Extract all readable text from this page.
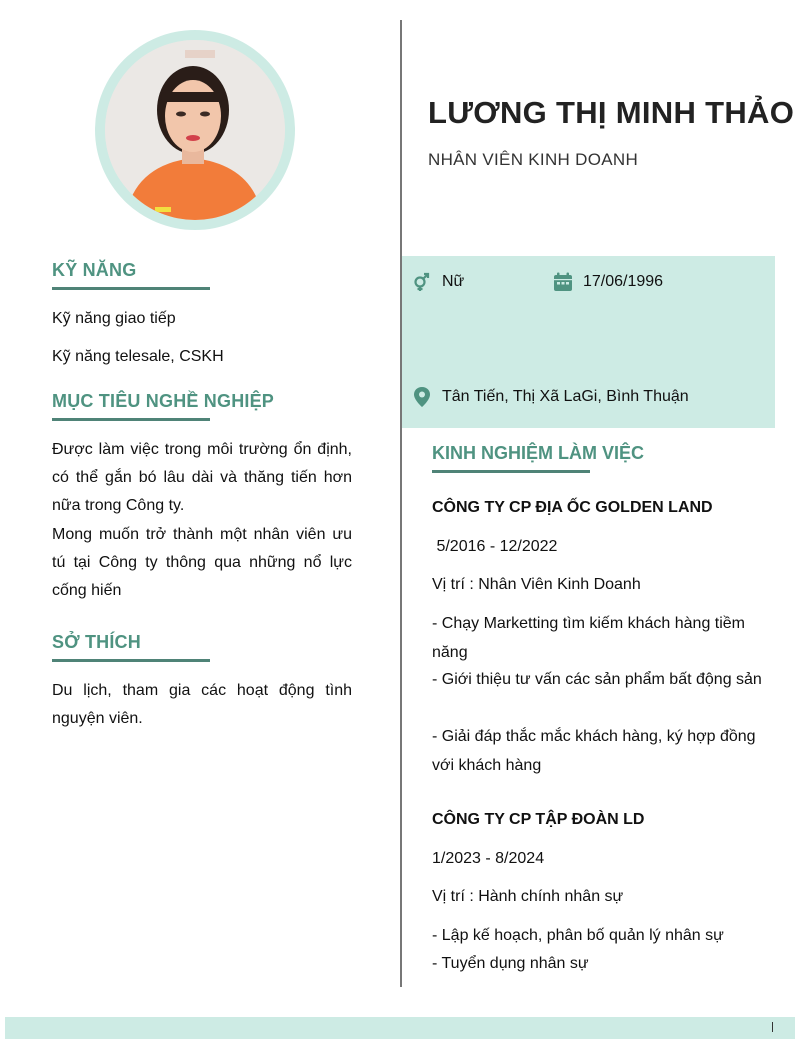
KỸ NĂNG
Kỹ năng giao tiếp
Kỹ năng telesale, CSKH
MỤC TIÊU NGHỀ NGHIỆP
Được làm việc trong môi trường ổn định, có thể gắn bó lâu dài và thăng tiến hơn nữa trong Công ty.
Mong muốn trở thành một nhân viên ưu tú tại Công ty thông qua những nổ lực cống hiến
SỞ THÍCH
Du lịch, tham gia các hoạt động tình nguyện viên.
LƯƠNG THỊ MINH THẢO
NHÂN VIÊN KINH DOANH
Nữ	17/06/1996
Tân Tiến, Thị Xã LaGi, Bình Thuận
KINH NGHIỆM LÀM VIỆC
CÔNG TY CP ĐỊA ỐC GOLDEN LAND
5/2016 - 12/2022
Vị trí : Nhân Viên Kinh Doanh
- Chạy Marketting tìm kiếm khách hàng tiềm năng
- Giới thiệu tư vấn các sản phẩm bất động sản
- Giải đáp thắc mắc khách hàng, ký hợp đồng với khách hàng
CÔNG TY CP TẬP ĐOÀN LD
1/2023 - 8/2024
Vị trí : Hành chính nhân sự
- Lập kế hoạch, phân bố quản lý nhân sự
- Tuyển dụng nhân sự
